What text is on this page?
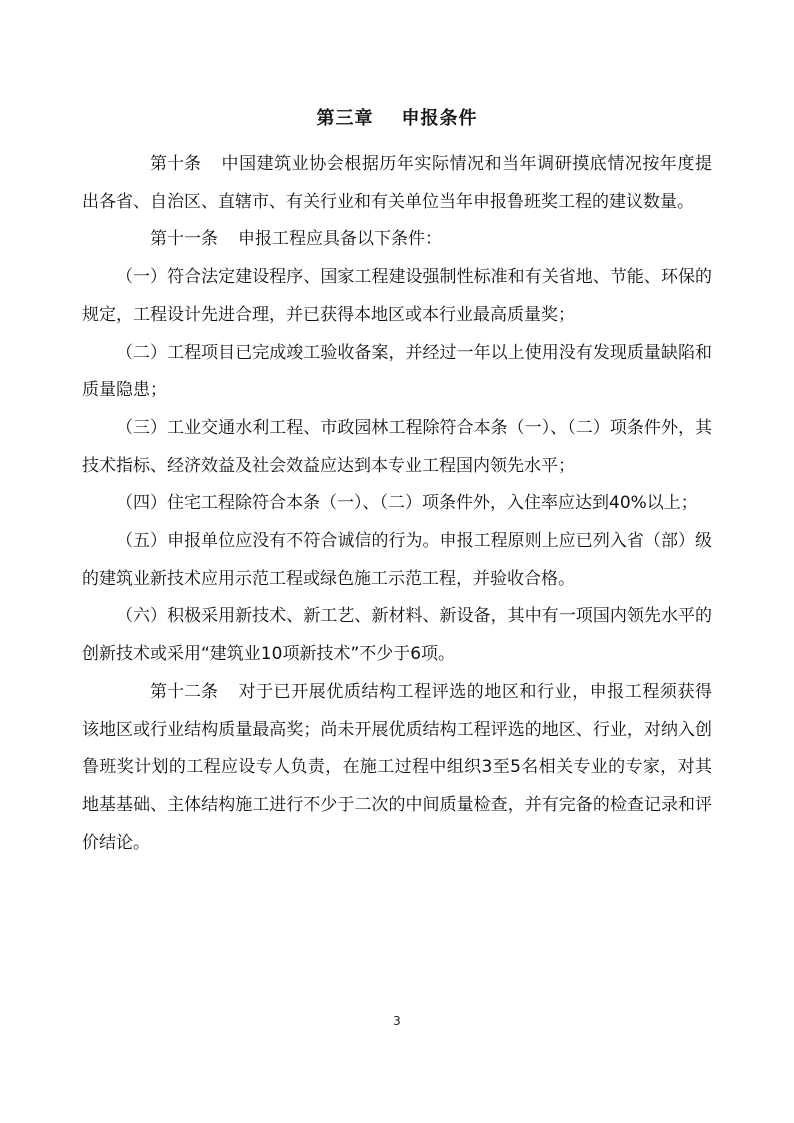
第三章 申报条件

第十条 中国建筑业协会根据历年实际情况和当年调研摸底情况按年度提出各省、自治区、直辖市、有关行业和有关单位当年申报鲁班奖工程的建议数量。

第十一条 申报工程应具备以下条件：

（一）符合法定建设程序、国家工程建设强制性标准和有关省地、节能、环保的规定，工程设计先进合理，并已获得本地区或本行业最高质量奖；

（二）工程项目已完成竣工验收备案，并经过一年以上使用没有发现质量缺陷和质量隐患；

（三）工业交通水利工程、市政园林工程除符合本条（一）、（二）项条件外，其技术指标、经济效益及社会效益应达到本专业工程国内领先水平；

（四）住宅工程除符合本条（一）、（二）项条件外，入住率应达到40%以上；

（五）申报单位应没有不符合诚信的行为。申报工程原则上应已列入省（部）级的建筑业新技术应用示范工程或绿色施工示范工程，并验收合格。

（六）积极采用新技术、新工艺、新材料、新设备，其中有一项国内领先水平的创新技术或采用“建筑业10项新技术”不少于6项。

第十二条 对于已开展优质结构工程评选的地区和行业，申报工程须获得该地区或行业结构质量最高奖；尚未开展优质结构工程评选的地区、行业，对纳入创鲁班奖计划的工程应设专人负责，在施工过程中组织3至5名相关专业的专家，对其地基基础、主体结构施工进行不少于二次的中间质量检查，并有完备的检查记录和评价结论。

3
